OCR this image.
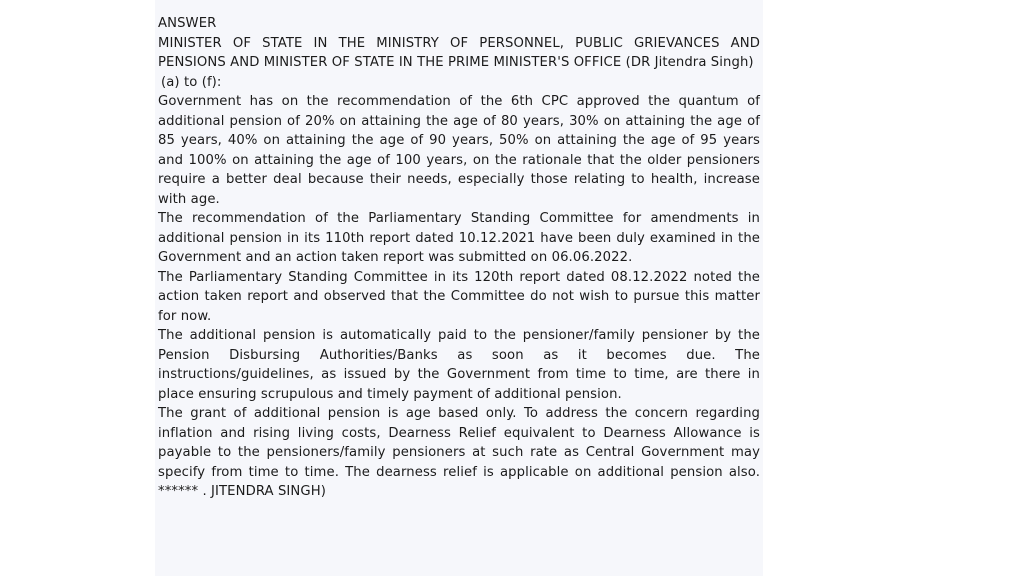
ANSWER

MINISTER OF STATE IN THE MINISTRY OF PERSONNEL, PUBLIC GRIEVANCES AND PENSIONS AND MINISTER OF STATE IN THE PRIME MINISTER'S OFFICE (DR Jitendra Singh)

(a) to (f):

Government has on the recommendation of the 6th CPC approved the quantum of additional pension of 20% on attaining the age of 80 years, 30% on attaining the age of 85 years, 40% on attaining the age of 90 years, 50% on attaining the age of 95 years and 100% on attaining the age of 100 years, on the rationale that the older pensioners require a better deal because their needs, especially those relating to health, increase with age.

The recommendation of the Parliamentary Standing Committee for amendments in additional pension in its 110th report dated 10.12.2021 have been duly examined in the Government and an action taken report was submitted on 06.06.2022.

The Parliamentary Standing Committee in its 120th report dated 08.12.2022 noted the action taken report and observed that the Committee do not wish to pursue this matter for now.

The additional pension is automatically paid to the pensioner/family pensioner by the Pension Disbursing Authorities/Banks as soon as it becomes due. The instructions/guidelines, as issued by the Government from time to time, are there in place ensuring scrupulous and timely payment of additional pension.

The grant of additional pension is age based only. To address the concern regarding inflation and rising living costs, Dearness Relief equivalent to Dearness Allowance is payable to the pensioners/family pensioners at such rate as Central Government may specify from time to time. The dearness relief is applicable on additional pension also. ****** . JITENDRA SINGH)
